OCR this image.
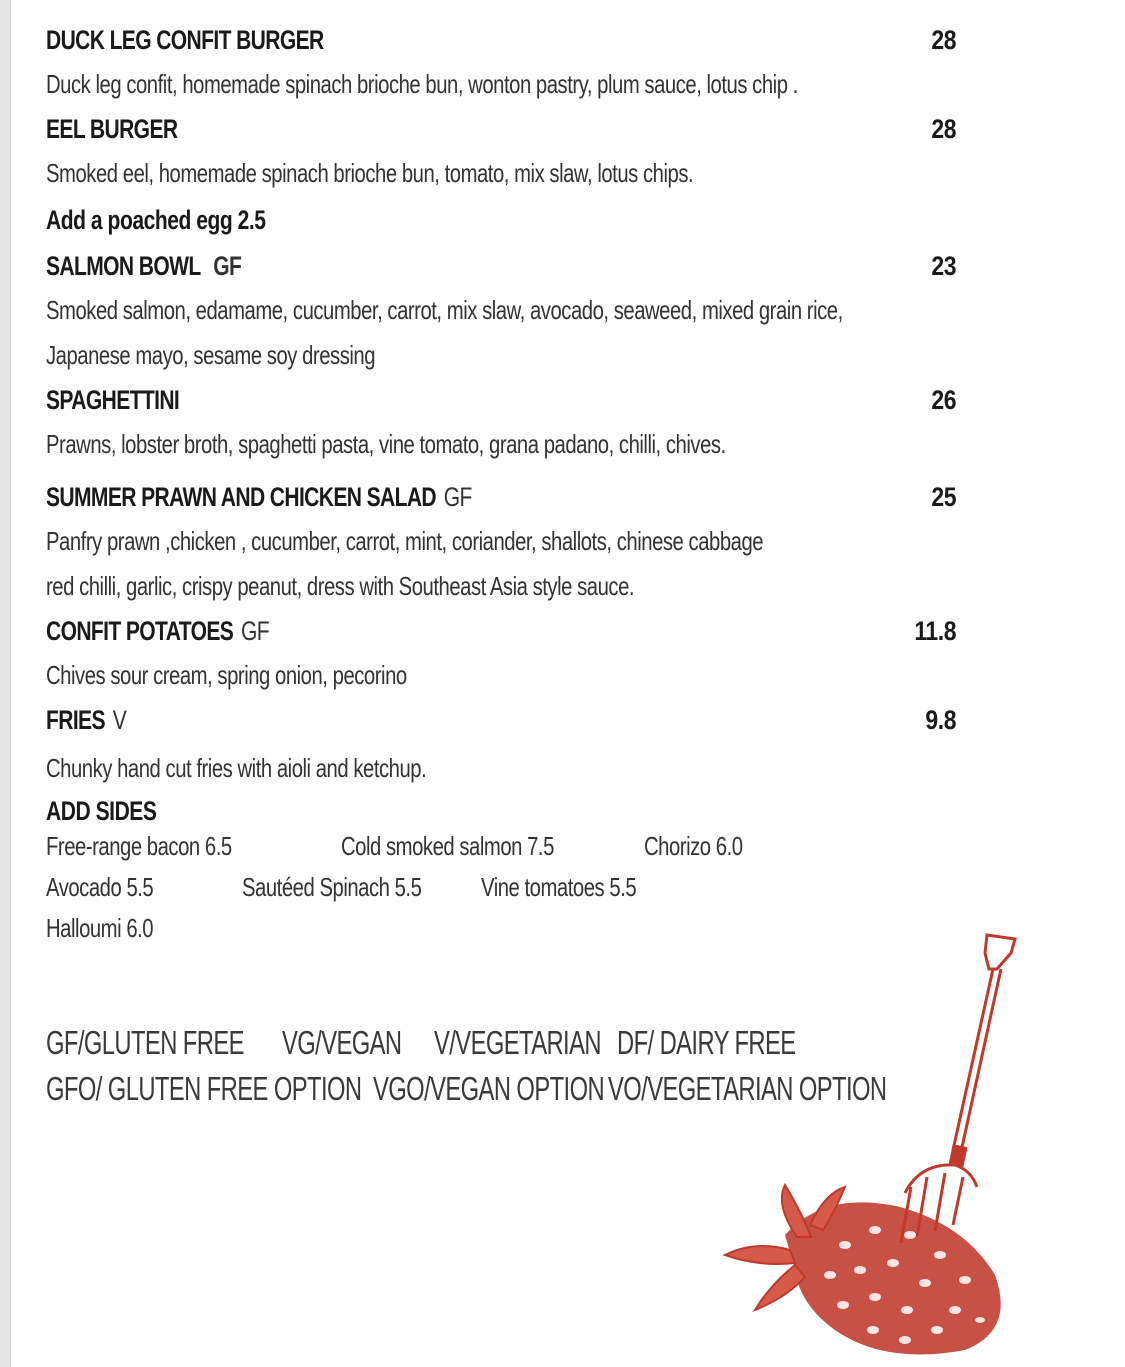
DUCK LEG CONFIT BURGER	28
Duck leg confit, homemade spinach brioche bun, wonton pastry, plum sauce, lotus chip .
EEL BURGER	28
Smoked eel, homemade spinach brioche bun, tomato, mix slaw, lotus chips.
Add a poached egg 2.5
SALMON BOWL GF	23
Smoked salmon, edamame, cucumber, carrot, mix slaw, avocado, seaweed, mixed grain rice,
Japanese mayo, sesame soy dressing
SPAGHETTINI	26
Prawns, lobster broth, spaghetti pasta, vine tomato, grana padano, chilli, chives.
SUMMER PRAWN AND CHICKEN SALAD GF	25
Panfry prawn ,chicken , cucumber, carrot, mint, coriander, shallots, chinese cabbage
red chilli, garlic, crispy peanut, dress with Southeast Asia style sauce.
CONFIT POTATOES GF	11.8
Chives sour cream, spring onion, pecorino
FRIES V	9.8
Chunky hand cut fries with aioli and ketchup.
ADD SIDES
Free-range bacon 6.5	Cold smoked salmon 7.5	Chorizo 6.0
Avocado 5.5	Sautéed Spinach 5.5 Vine tomatoes 5.5
Halloumi 6.0
GF/GLUTEN FREE VG/VEGAN V/VEGETARIAN DF/ DAIRY FREE
GFO/ GLUTEN FREE OPTION VGO/VEGAN OPTION VO/VEGETARIAN OPTION
